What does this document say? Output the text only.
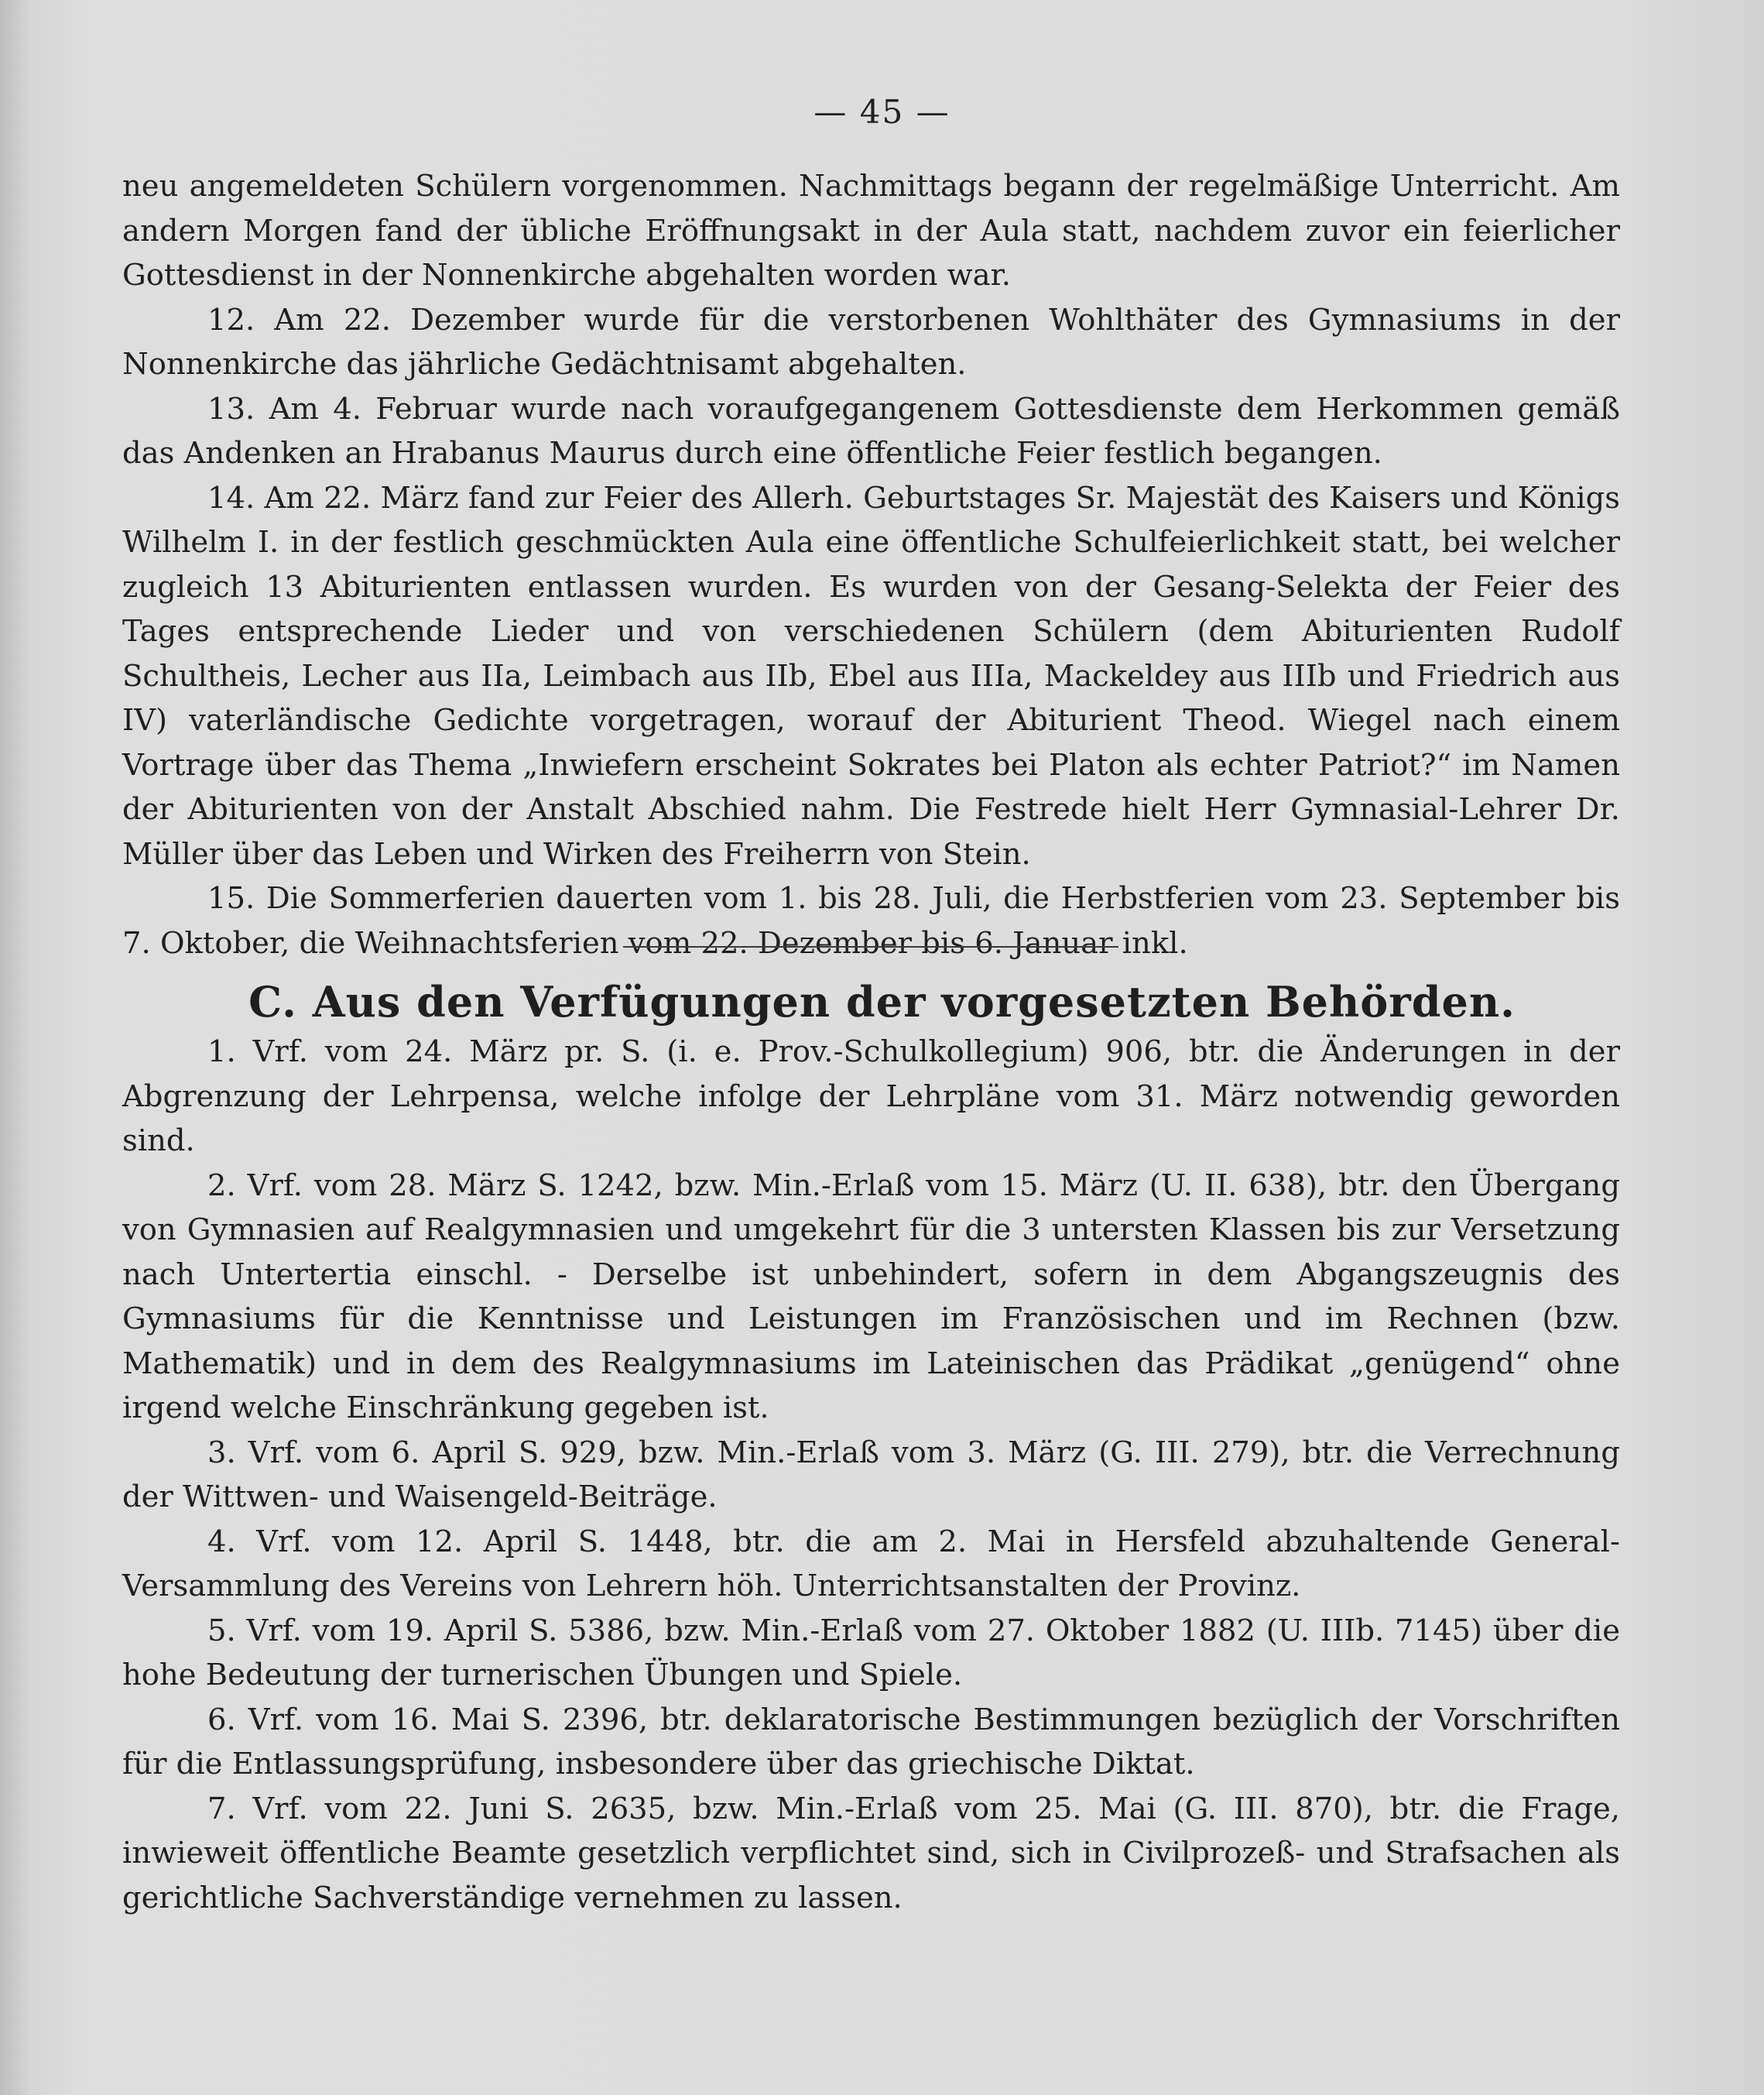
— 45 —

neu angemeldeten Schülern vorgenommen. Nachmittags begann der regelmäßige Unterricht. Am andern Morgen fand der übliche Eröffnungsakt in der Aula statt, nachdem zuvor ein feierlicher Gottesdienst in der Nonnenkirche abgehalten worden war.

12. Am 22. Dezember wurde für die verstorbenen Wohlthäter des Gymnasiums in der Nonnenkirche das jährliche Gedächtnisamt abgehalten.

13. Am 4. Februar wurde nach voraufgegangenem Gottesdienste dem Herkommen gemäß das Andenken an Hrabanus Maurus durch eine öffentliche Feier festlich begangen.

14. Am 22. März fand zur Feier des Allerh. Geburtstages Sr. Majestät des Kaisers und Königs Wilhelm I. in der festlich geschmückten Aula eine öffentliche Schulfeierlichkeit statt, bei welcher zugleich 13 Abiturienten entlassen wurden. Es wurden von der Gesang-Selekta der Feier des Tages entsprechende Lieder und von verschiedenen Schülern (dem Abiturienten Rudolf Schultheis, Lecher aus IIa, Leimbach aus IIb, Ebel aus IIIa, Mackeldey aus IIIb und Friedrich aus IV) vaterländische Gedichte vorgetragen, worauf der Abiturient Theod. Wiegel nach einem Vortrage über das Thema „Inwiefern erscheint Sokrates bei Platon als echter Patriot?“ im Namen der Abiturienten von der Anstalt Abschied nahm. Die Festrede hielt Herr Gymnasial-Lehrer Dr. Müller über das Leben und Wirken des Freiherrn von Stein.

15. Die Sommerferien dauerten vom 1. bis 28. Juli, die Herbstferien vom 23. September bis 7. Oktober, die Weihnachtsferien vom 22. Dezember bis 6. Januar inkl.

C. Aus den Verfügungen der vorgesetzten Behörden.

1. Vrf. vom 24. März pr. S. (i. e. Prov.-Schulkollegium) 906, btr. die Änderungen in der Abgrenzung der Lehrpensa, welche infolge der Lehrpläne vom 31. März notwendig geworden sind.

2. Vrf. vom 28. März S. 1242, bzw. Min.-Erlaß vom 15. März (U. II. 638), btr. den Übergang von Gymnasien auf Realgymnasien und umgekehrt für die 3 untersten Klassen bis zur Versetzung nach Untertertia einschl. - Derselbe ist unbehindert, sofern in dem Abgangszeugnis des Gymnasiums für die Kenntnisse und Leistungen im Französischen und im Rechnen (bzw. Mathematik) und in dem des Realgymnasiums im Lateinischen das Prädikat „genügend“ ohne irgend welche Einschränkung gegeben ist.

3. Vrf. vom 6. April S. 929, bzw. Min.-Erlaß vom 3. März (G. III. 279), btr. die Verrechnung der Wittwen- und Waisengeld-Beiträge.

4. Vrf. vom 12. April S. 1448, btr. die am 2. Mai in Hersfeld abzuhaltende General-Versammlung des Vereins von Lehrern höh. Unterrichtsanstalten der Provinz.

5. Vrf. vom 19. April S. 5386, bzw. Min.-Erlaß vom 27. Oktober 1882 (U. IIIb. 7145) über die hohe Bedeutung der turnerischen Übungen und Spiele.

6. Vrf. vom 16. Mai S. 2396, btr. deklaratorische Bestimmungen bezüglich der Vorschriften für die Entlassungsprüfung, insbesondere über das griechische Diktat.

7. Vrf. vom 22. Juni S. 2635, bzw. Min.-Erlaß vom 25. Mai (G. III. 870), btr. die Frage, inwieweit öffentliche Beamte gesetzlich verpflichtet sind, sich in Civilprozeß- und Strafsachen als gerichtliche Sachverständige vernehmen zu lassen.
